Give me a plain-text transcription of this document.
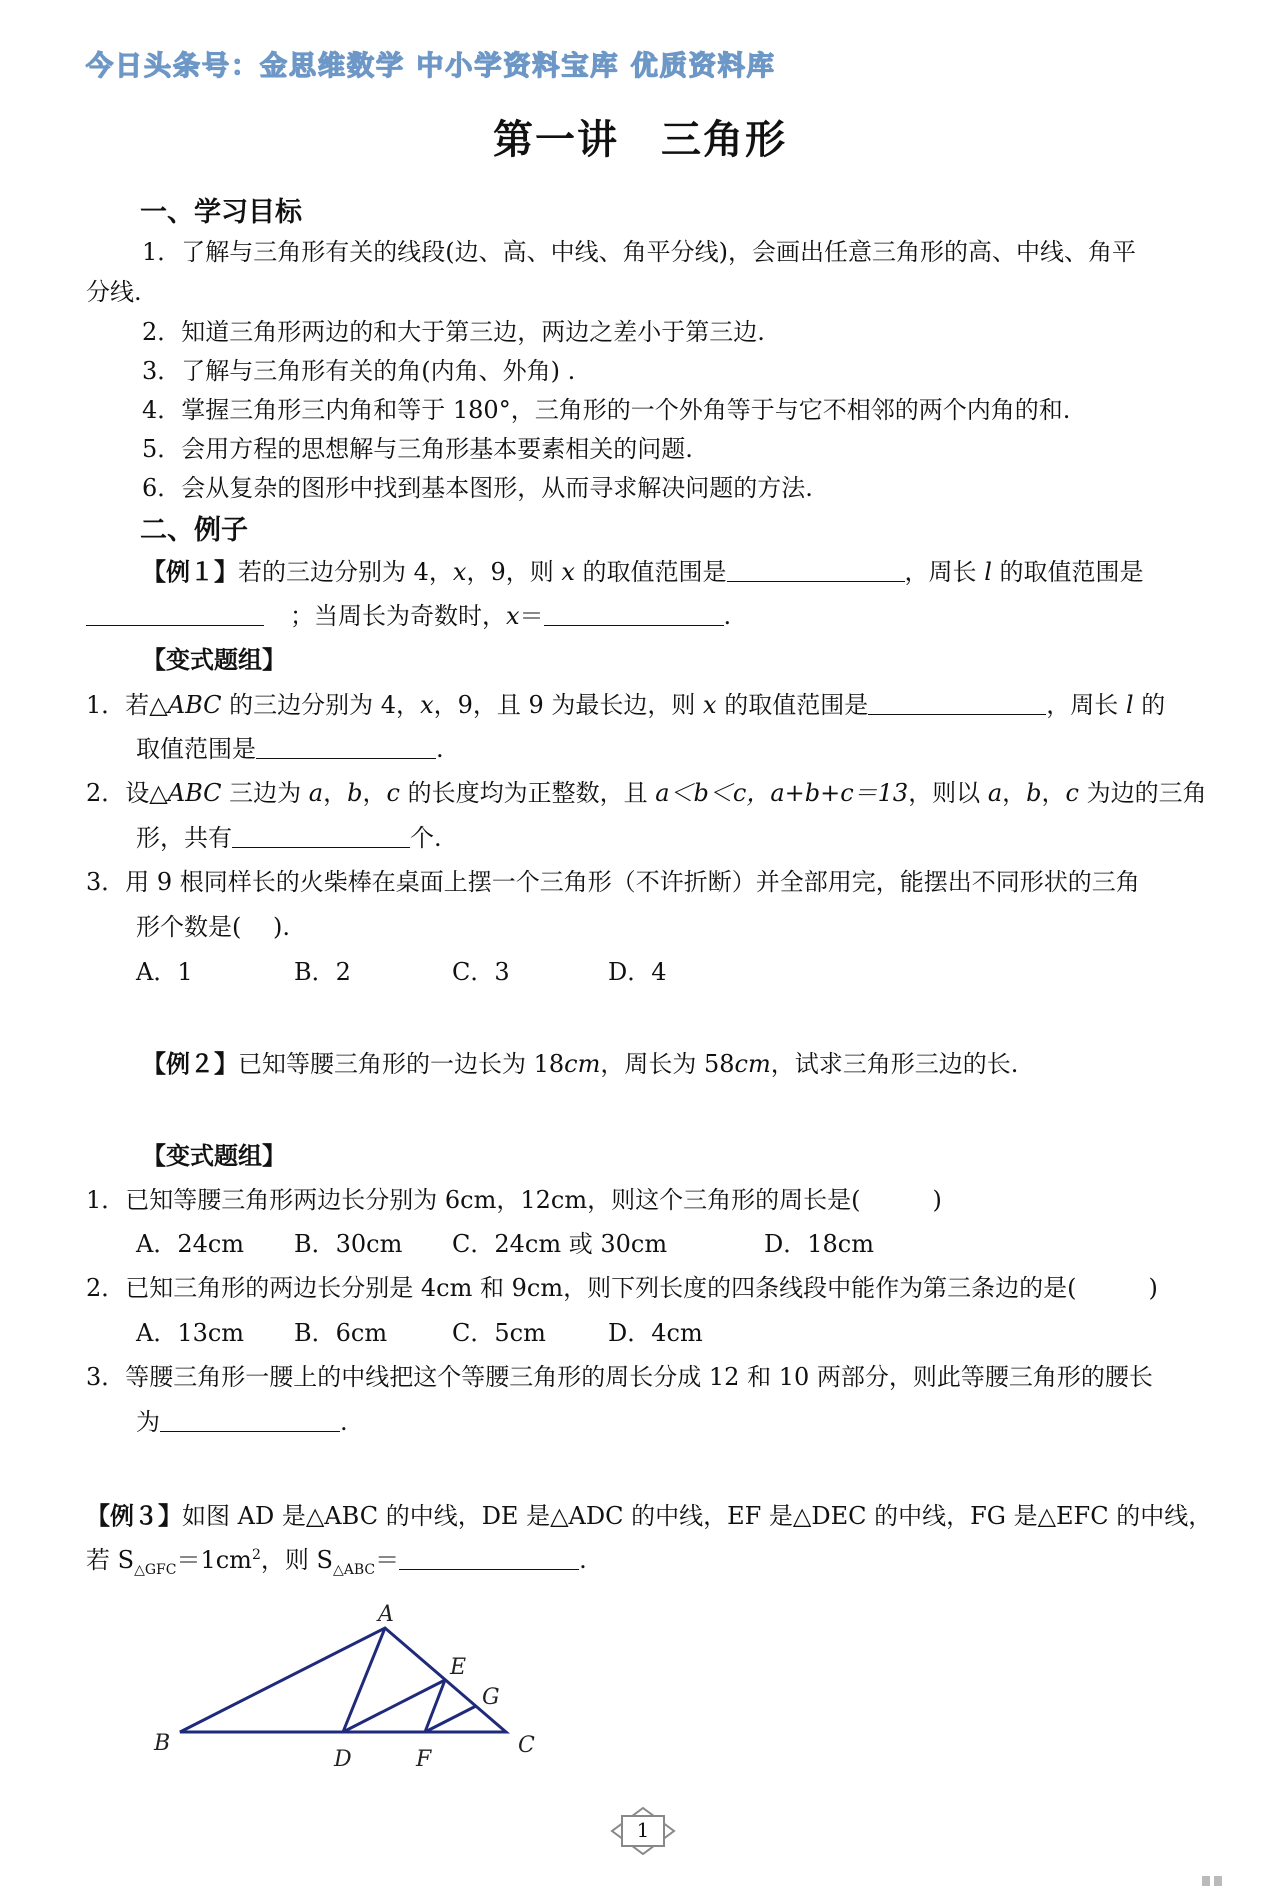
今日头条号：金思维数学 中小学资料宝库 优质资料库
第一讲　三角形
一、学习目标
1．了解与三角形有关的线段(边、高、中线、角平分线)，会画出任意三角形的高、中线、角平
分线.
2．知道三角形两边的和大于第三边，两边之差小于第三边.
3．了解与三角形有关的角(内角、外角) .
4．掌握三角形三内角和等于 180°，三角形的一个外角等于与它不相邻的两个内角的和.
5．会用方程的思想解与三角形基本要素相关的问题.
6．会从复杂的图形中找到基本图形，从而寻求解决问题的方法.
二、例子
【例１】若的三边分别为 4，x，9，则 x 的取值范围是	，周长 l 的取值范围是
；当周长为奇数时，x＝	.
【变式题组】
1．若△ABC 的三边分别为 4，x，9，且 9 为最长边，则 x 的取值范围是	，周长 l 的
取值范围是	.
2．设△ABC 三边为 a，b，c 的长度均为正整数，且 a＜b＜c，a+b+c＝13，则以 a，b，c 为边的三角
形，共有	个.
3．用 9 根同样长的火柴棒在桌面上摆一个三角形（不许折断）并全部用完，能摆出不同形状的三角
形个数是(　 ).
A．1	B．2	C．3	D．4
【例２】已知等腰三角形的一边长为 18cm，周长为 58cm，试求三角形三边的长.
【变式题组】
1．已知等腰三角形两边长分别为 6cm，12cm，则这个三角形的周长是(　　　)
A．24cm B．30cm C．24cm 或 30cm	D．18cm
2．已知三角形的两边长分别是 4cm 和 9cm，则下列长度的四条线段中能作为第三条边的是(　　　)
A．13cm B．6cm	C．5cm	D．4cm
3．等腰三角形一腰上的中线把这个等腰三角形的周长分成 12 和 10 两部分，则此等腰三角形的腰长
为	.
【例３】如图 AD 是△ABC 的中线，DE 是△ADC 的中线，EF 是△DEC 的中线，FG 是△EFC 的中线，
若 $S_{\triangle GFC}=1cm^2$，则 $S_{\triangle ABC}=$	.
A
B	C
D
E
F
G
1
